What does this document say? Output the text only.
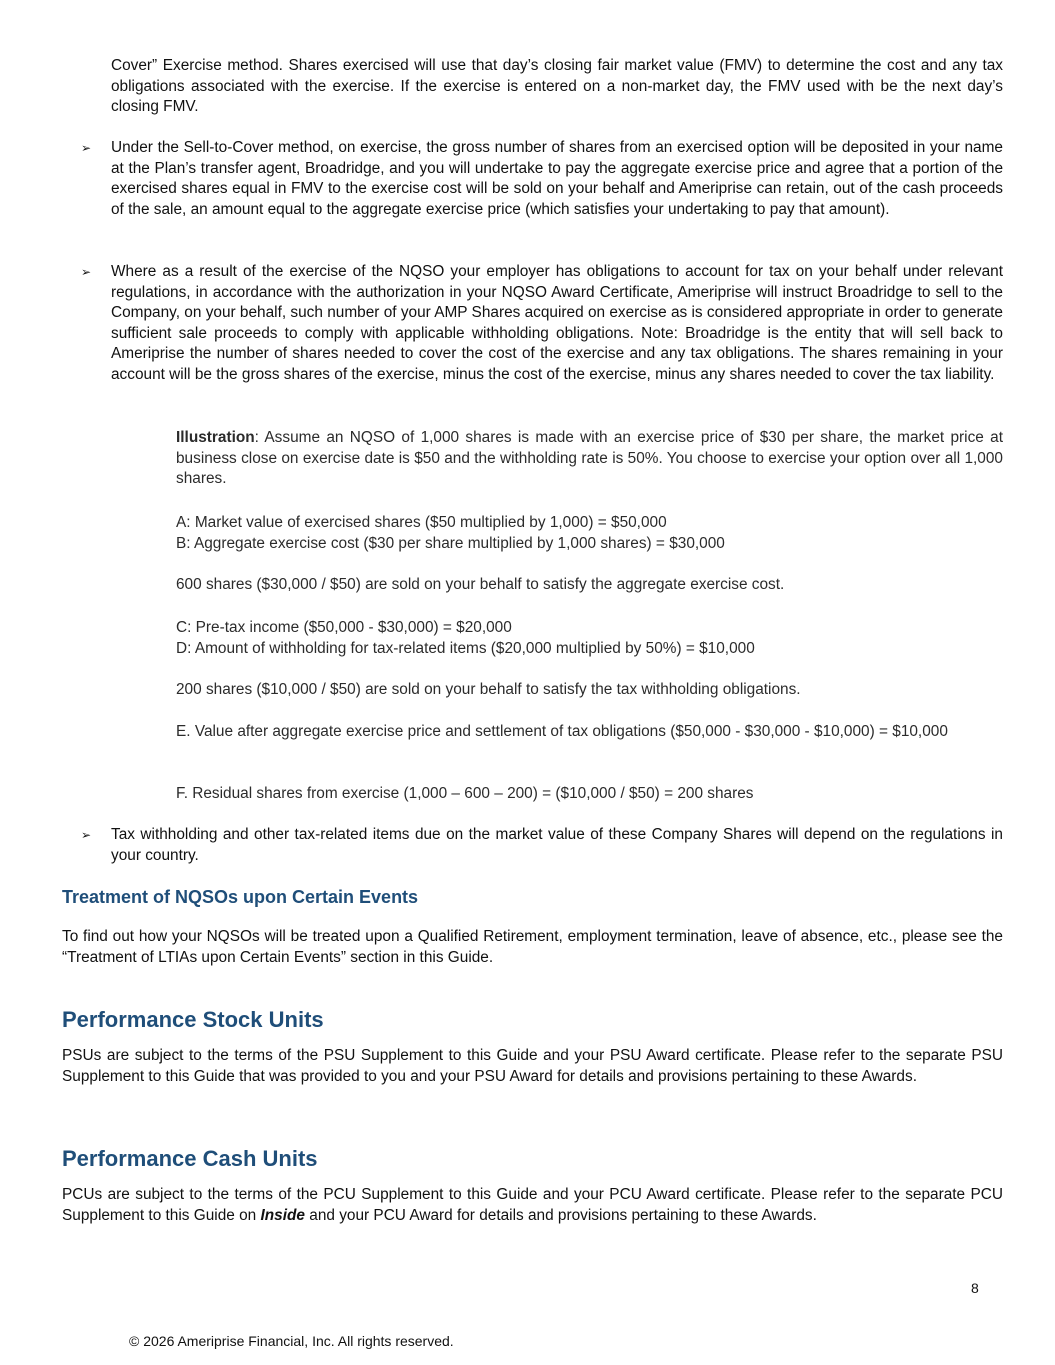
Cover” Exercise method. Shares exercised will use that day’s closing fair market value (FMV) to determine the cost and any tax obligations associated with the exercise. If the exercise is entered on a non-market day, the FMV used with be the next day’s closing FMV.

➢ Under the Sell-to-Cover method, on exercise, the gross number of shares from an exercised option will be deposited in your name at the Plan’s transfer agent, Broadridge, and you will undertake to pay the aggregate exercise price and agree that a portion of the exercised shares equal in FMV to the exercise cost will be sold on your behalf and Ameriprise can retain, out of the cash proceeds of the sale, an amount equal to the aggregate exercise price (which satisfies your undertaking to pay that amount).

➢ Where as a result of the exercise of the NQSO your employer has obligations to account for tax on your behalf under relevant regulations, in accordance with the authorization in your NQSO Award Certificate, Ameriprise will instruct Broadridge to sell to the Company, on your behalf, such number of your AMP Shares acquired on exercise as is considered appropriate in order to generate sufficient sale proceeds to comply with applicable withholding obligations. Note: Broadridge is the entity that will sell back to Ameriprise the number of shares needed to cover the cost of the exercise and any tax obligations. The shares remaining in your account will be the gross shares of the exercise, minus the cost of the exercise, minus any shares needed to cover the tax liability.

Illustration: Assume an NQSO of 1,000 shares is made with an exercise price of $30 per share, the market price at business close on exercise date is $50 and the withholding rate is 50%. You choose to exercise your option over all 1,000 shares.

A: Market value of exercised shares ($50 multiplied by 1,000) = $50,000

B: Aggregate exercise cost ($30 per share multiplied by 1,000 shares) = $30,000

600 shares ($30,000 / $50) are sold on your behalf to satisfy the aggregate exercise cost.

C: Pre-tax income ($50,000 - $30,000) = $20,000

D: Amount of withholding for tax-related items ($20,000 multiplied by 50%) = $10,000

200 shares ($10,000 / $50) are sold on your behalf to satisfy the tax withholding obligations.

E. Value after aggregate exercise price and settlement of tax obligations ($50,000 - $30,000 - $10,000) = $10,000

F. Residual shares from exercise (1,000 – 600 – 200) = ($10,000 / $50) = 200 shares

➢ Tax withholding and other tax-related items due on the market value of these Company Shares will depend on the regulations in your country.

Treatment of NQSOs upon Certain Events

To find out how your NQSOs will be treated upon a Qualified Retirement, employment termination, leave of absence, etc., please see the “Treatment of LTIAs upon Certain Events” section in this Guide.

Performance Stock Units

PSUs are subject to the terms of the PSU Supplement to this Guide and your PSU Award certificate. Please refer to the separate PSU Supplement to this Guide that was provided to you and your PSU Award for details and provisions pertaining to these Awards.

Performance Cash Units

PCUs are subject to the terms of the PCU Supplement to this Guide and your PCU Award certificate. Please refer to the separate PCU Supplement to this Guide on Inside and your PCU Award for details and provisions pertaining to these Awards.

8
© 2026 Ameriprise Financial, Inc. All rights reserved.
